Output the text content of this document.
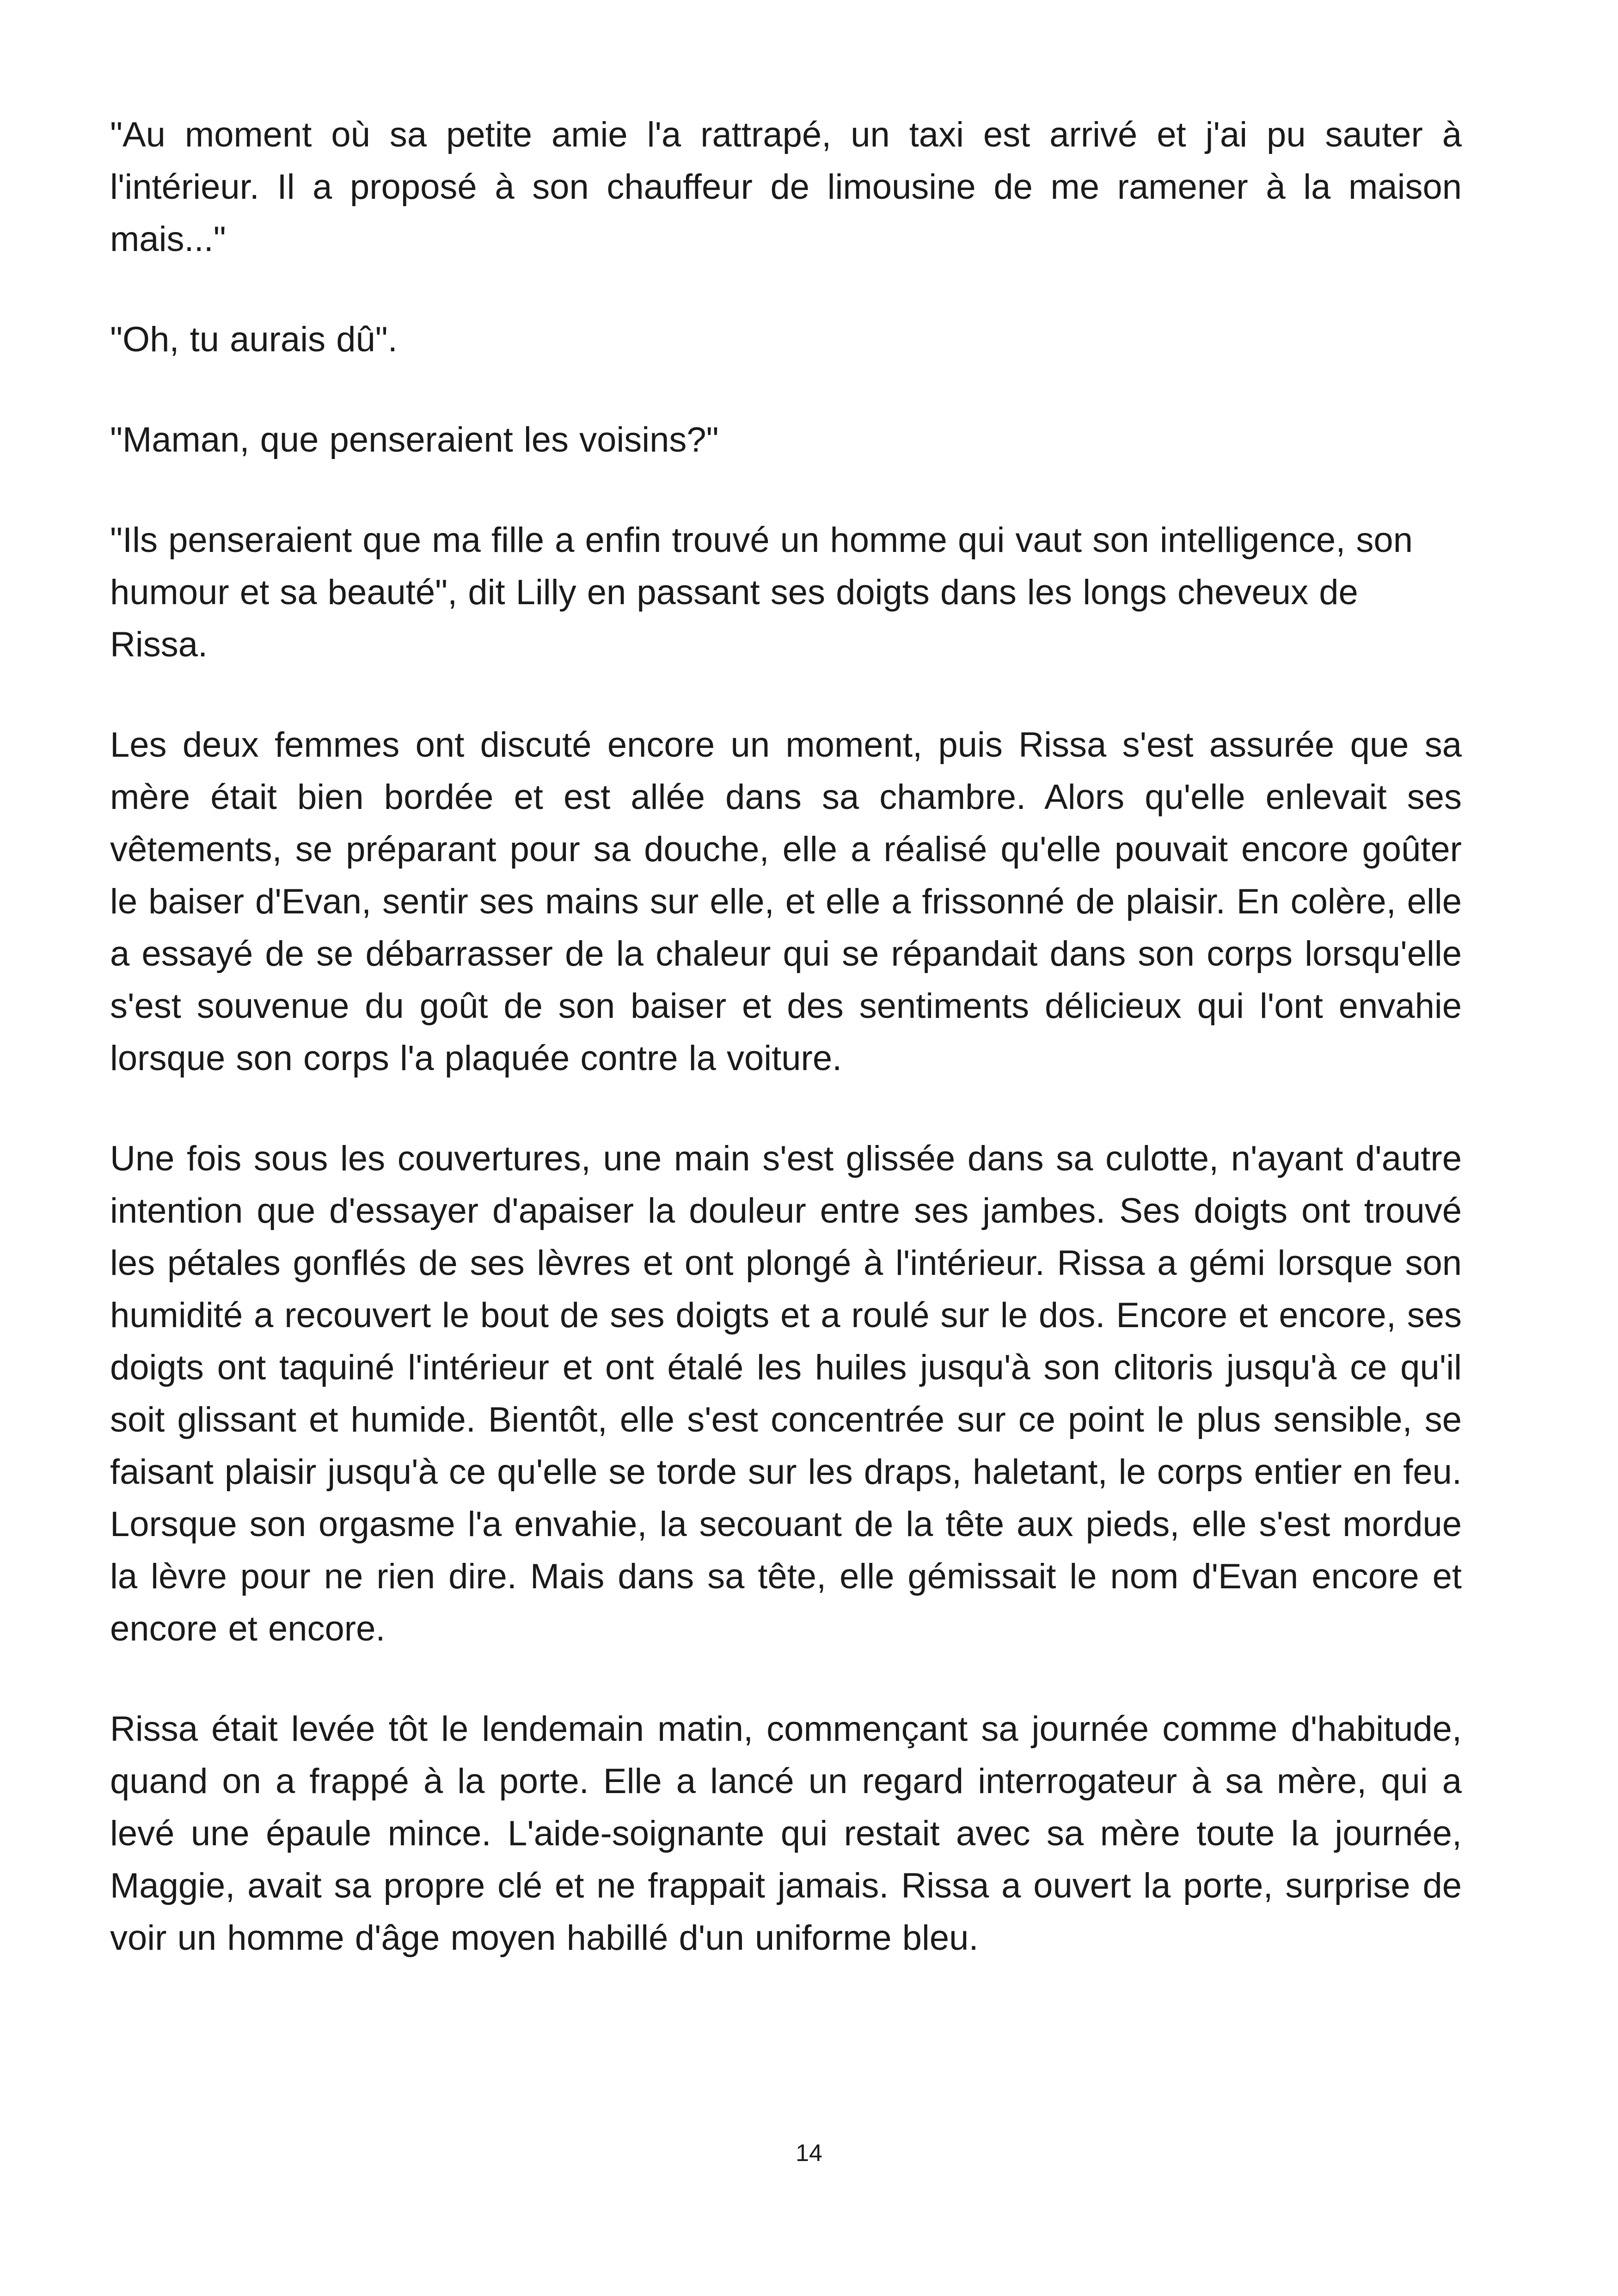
"Au moment où sa petite amie l'a rattrapé, un taxi est arrivé et j'ai pu sauter à l'intérieur. Il a proposé à son chauffeur de limousine de me ramener à la maison mais..."

"Oh, tu aurais dû".

"Maman, que penseraient les voisins?"

"Ils penseraient que ma fille a enfin trouvé un homme qui vaut son intelligence, son humour et sa beauté", dit Lilly en passant ses doigts dans les longs cheveux de Rissa.

Les deux femmes ont discuté encore un moment, puis Rissa s'est assurée que sa mère était bien bordée et est allée dans sa chambre. Alors qu'elle enlevait ses vêtements, se préparant pour sa douche, elle a réalisé qu'elle pouvait encore goûter le baiser d'Evan, sentir ses mains sur elle, et elle a frissonné de plaisir. En colère, elle a essayé de se débarrasser de la chaleur qui se répandait dans son corps lorsqu'elle s'est souvenue du goût de son baiser et des sentiments délicieux qui l'ont envahie lorsque son corps l'a plaquée contre la voiture.

Une fois sous les couvertures, une main s'est glissée dans sa culotte, n'ayant d'autre intention que d'essayer d'apaiser la douleur entre ses jambes. Ses doigts ont trouvé les pétales gonflés de ses lèvres et ont plongé à l'intérieur. Rissa a gémi lorsque son humidité a recouvert le bout de ses doigts et a roulé sur le dos. Encore et encore, ses doigts ont taquiné l'intérieur et ont étalé les huiles jusqu'à son clitoris jusqu'à ce qu'il soit glissant et humide. Bientôt, elle s'est concentrée sur ce point le plus sensible, se faisant plaisir jusqu'à ce qu'elle se torde sur les draps, haletant, le corps entier en feu. Lorsque son orgasme l'a envahie, la secouant de la tête aux pieds, elle s'est mordue la lèvre pour ne rien dire. Mais dans sa tête, elle gémissait le nom d'Evan encore et encore et encore.

Rissa était levée tôt le lendemain matin, commençant sa journée comme d'habitude, quand on a frappé à la porte. Elle a lancé un regard interrogateur à sa mère, qui a levé une épaule mince. L'aide-soignante qui restait avec sa mère toute la journée, Maggie, avait sa propre clé et ne frappait jamais. Rissa a ouvert la porte, surprise de voir un homme d'âge moyen habillé d'un uniforme bleu.

14
